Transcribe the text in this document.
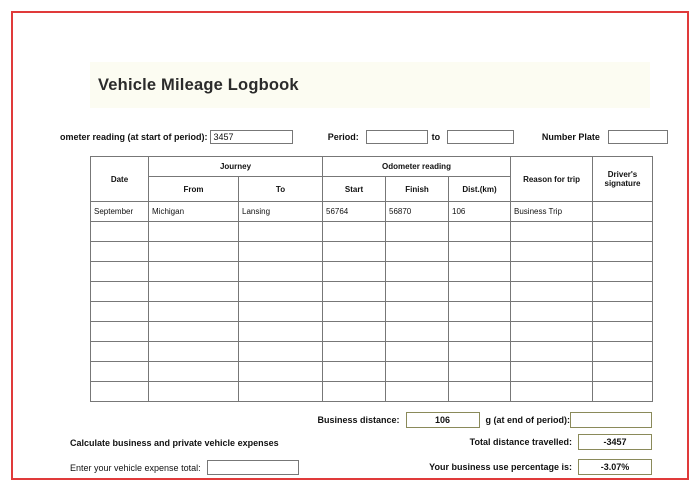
Vehicle Mileage Logbook
ometer reading (at start of period): 3457	Period:	to	Number Plate
Date	Journey		Odometer reading			Reason for trip	Driver's signature
	From	To	Start	Finish	Dist.(km)		
September	Michigan	Lansing	56764	56870	106	Business Trip	

Business distance:	106	g (at end of period):
Calculate business and private vehicle expenses
Enter your vehicle expense total:
Total distance travelled:	-3457
Your business use percentage is:	-3.07%
